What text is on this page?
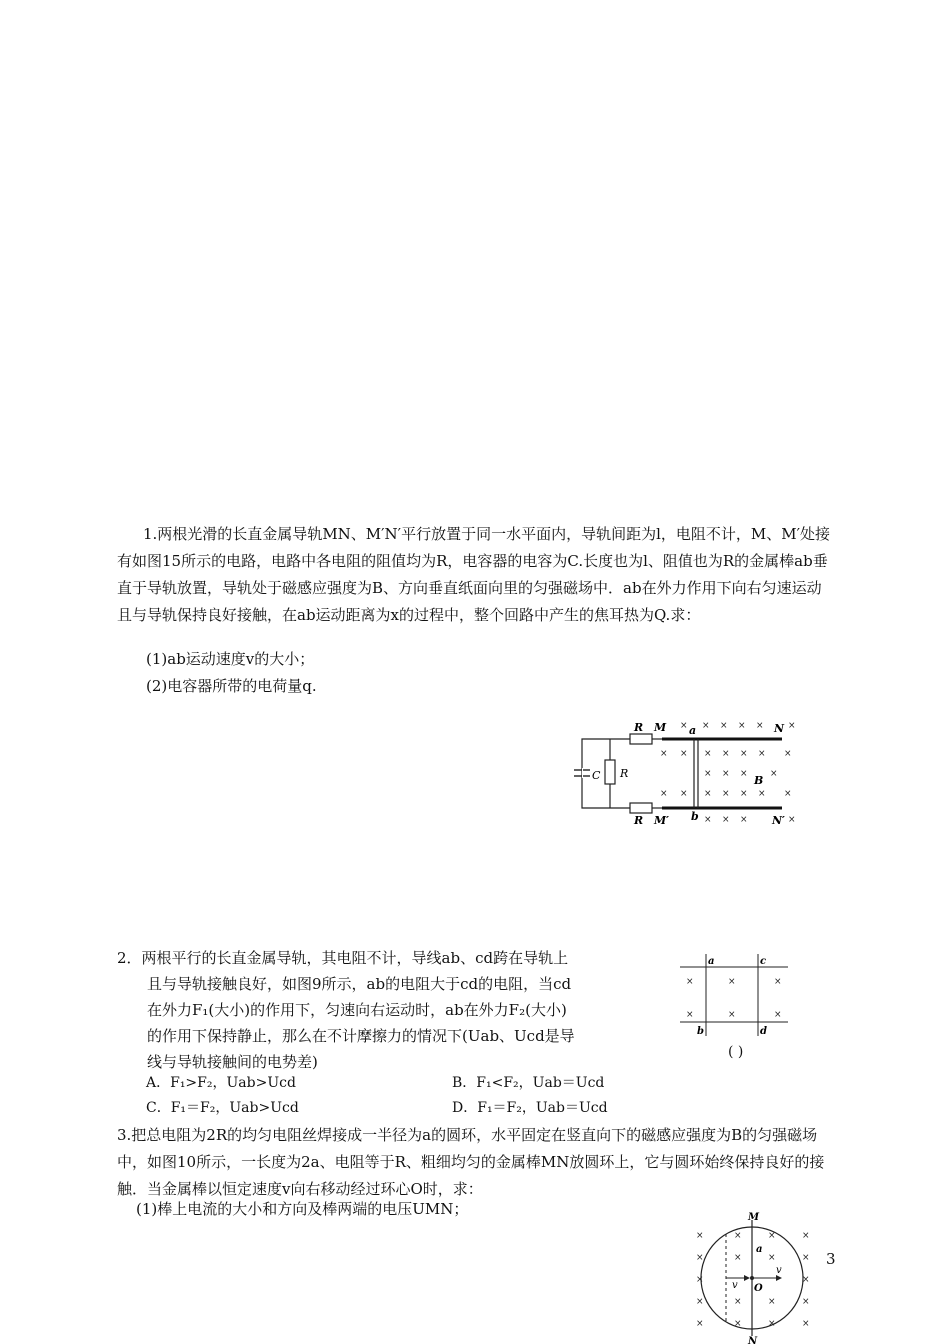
1.两根光滑的长直金属导轨MN、M′N′平行放置于同一水平面内，导轨间距为l，电阻不计，M、M′处接有如图15所示的电路，电路中各电阻的阻值均为R，电容器的电容为C.长度也为l、阻值也为R的金属棒ab垂直于导轨放置，导轨处于磁感应强度为B、方向垂直纸面向里的匀强磁场中．ab在外力作用下向右匀速运动且与导轨保持良好接触，在ab运动距离为x的过程中，整个回路中产生的焦耳热为Q.求：
(1)ab运动速度v的大小；
(2)电容器所带的电荷量q.
C R
R M
R M′
N
N′
a
b
B
× × × × ×	×
× × × × × × ×
× × × ×
× × × × × × ×
× × ×	×
2．两根平行的长直金属导轨，其电阻不计，导线ab、cd跨在导轨上
且与导轨接触良好，如图9所示，ab的电阻大于cd的电阻，当cd
在外力F₁(大小)的作用下，匀速向右运动时，ab在外力F₂(大小)
的作用下保持静止，那么在不计摩擦力的情况下(Uab、Ucd是导
线与导轨接触间的电势差)
a	c
b	d
×	×	×
×	×	×
( )
A．F₁>F₂，Uab>Ucd	B．F₁<F₂，Uab＝Ucd
C．F₁＝F₂，Uab>Ucd	D．F₁＝F₂，Uab＝Ucd
3.把总电阻为2R的均匀电阻丝焊接成一半径为a的圆环，水平固定在竖直向下的磁感应强度为B的匀强磁场中，如图10所示，一长度为2a、电阻等于R、粗细均匀的金属棒MN放圆环上，它与圆环始终保持良好的接触．当金属棒以恒定速度v向右移动经过环心O时，求：
(1)棒上电流的大小和方向及棒两端的电压UMN；	M
N
a
O
v
v
×	×	×	×
×	×	×	×
×	×
×	×	×	×
×	×	×	×
3
